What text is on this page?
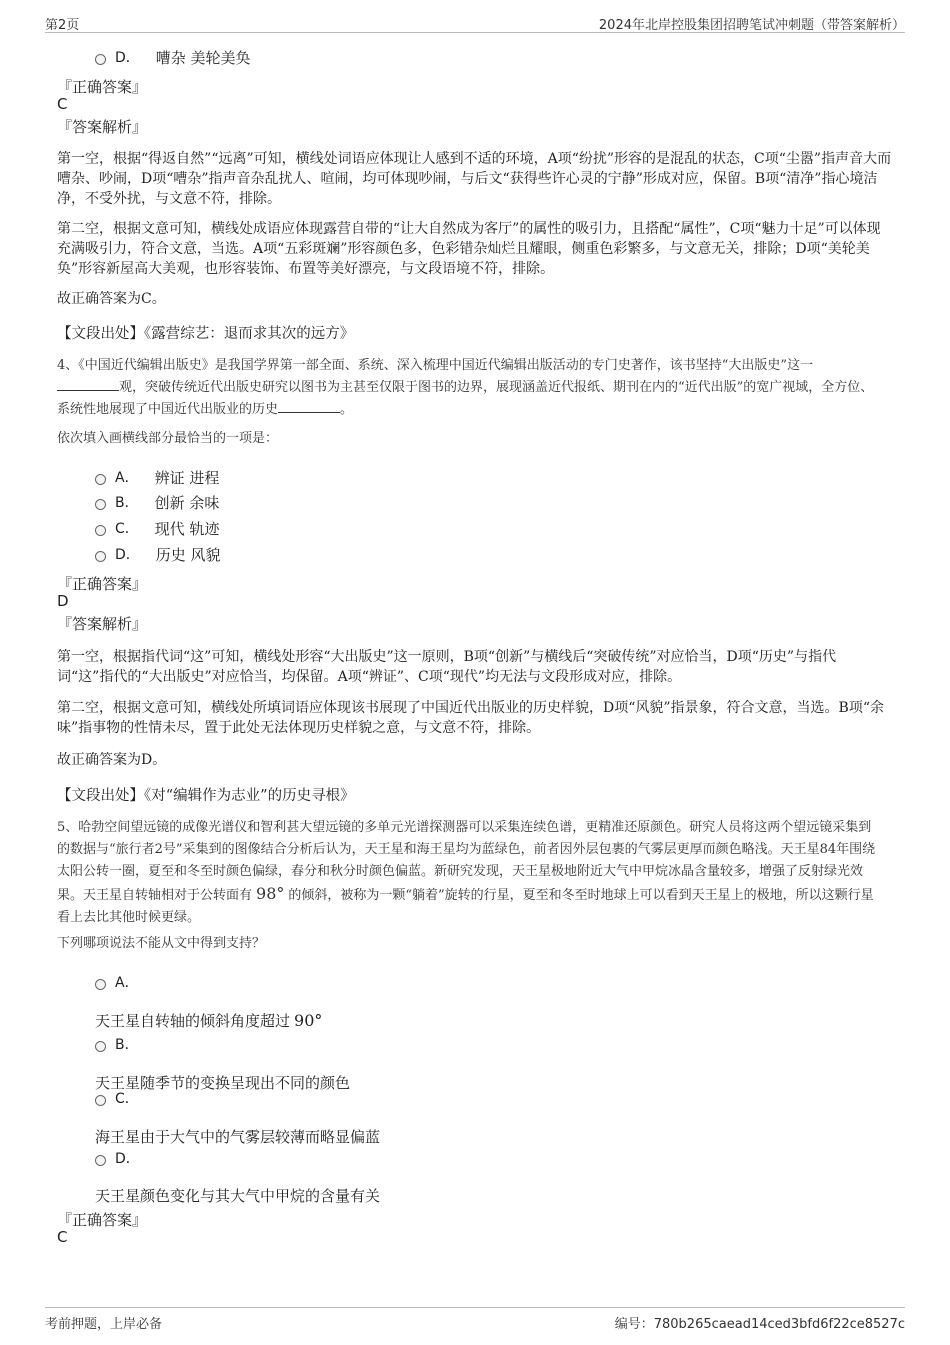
第2页	2024年北岸控股集团招聘笔试冲刺题（带答案解析）
D． 嘈杂 美轮美奂
『正确答案』
C
『答案解析』
第一空，根据“得返自然”“远离”可知，横线处词语应体现让人感到不适的环境，A项“纷扰”形容的是混乱的状态，C项“尘嚣”指声音大而嘈杂、吵闹，D项“嘈杂”指声音杂乱扰人、喧闹，均可体现吵闹，与后文“获得些许心灵的宁静”形成对应，保留。B项“清净”指心境洁净，不受外扰，与文意不符，排除。
第二空，根据文意可知，横线处成语应体现露营自带的“让大自然成为客厅”的属性的吸引力，且搭配“属性”，C项“魅力十足”可以体现充满吸引力，符合文意，当选。A项“五彩斑斓”形容颜色多，色彩错杂灿烂且耀眼，侧重色彩繁多，与文意无关，排除；D项“美轮美奂”形容新屋高大美观，也形容装饰、布置等美好漂亮，与文段语境不符，排除。
故正确答案为C。
【文段出处】《露营综艺：退而求其次的远方》
4、《中国近代编辑出版史》是我国学界第一部全面、系统、深入梳理中国近代编辑出版活动的专门史著作，该书坚持“大出版史”这一
观，突破传统近代出版史研究以图书为主甚至仅限于图书的边界，展现涵盖近代报纸、期刊在内的“近代出版”的宽广视域，全方位、
系统性地展现了中国近代出版业的历史	。
依次填入画横线部分最恰当的一项是：
A． 辨证 进程
B． 创新 余味
C． 现代 轨迹
D． 历史 风貌
『正确答案』
D
『答案解析』
第一空，根据指代词“这”可知，横线处形容“大出版史”这一原则，B项“创新”与横线后“突破传统”对应恰当，D项“历史”与指代词“这”指代的“大出版史”对应恰当，均保留。A项“辨证”、C项“现代”均无法与文段形成对应，排除。
第二空，根据文意可知，横线处所填词语应体现该书展现了中国近代出版业的历史样貌，D项“风貌”指景象，符合文意，当选。B项“余味”指事物的性情未尽，置于此处无法体现历史样貌之意，与文意不符，排除。
故正确答案为D。
【文段出处】《对“编辑作为志业”的历史寻根》
5、哈勃空间望远镜的成像光谱仪和智利甚大望远镜的多单元光谱探测器可以采集连续色谱，更精准还原颜色。研究人员将这两个望远镜采集到
的数据与“旅行者2号”采集到的图像结合分析后认为，天王星和海王星均为蓝绿色，前者因外层包裹的气雾层更厚而颜色略浅。天王星84年围绕
太阳公转一圈，夏至和冬至时颜色偏绿，春分和秋分时颜色偏蓝。新研究发现，天王星极地附近大气中甲烷冰晶含量较多，增强了反射绿光效
果。天王星自转轴相对于公转面有 98° 的倾斜，被称为一颗“躺着”旋转的行星，夏至和冬至时地球上可以看到天王星上的极地，所以这颗行星
看上去比其他时候更绿。
下列哪项说法不能从文中得到支持？
A．
天王星自转轴的倾斜角度超过 90°
B．
天王星随季节的变换呈现出不同的颜色
C．
海王星由于大气中的气雾层较薄而略显偏蓝
D．
天王星颜色变化与其大气中甲烷的含量有关
『正确答案』
C
考前押题，上岸必备	编号：780b265caead14ced3bfd6f22ce8527c
